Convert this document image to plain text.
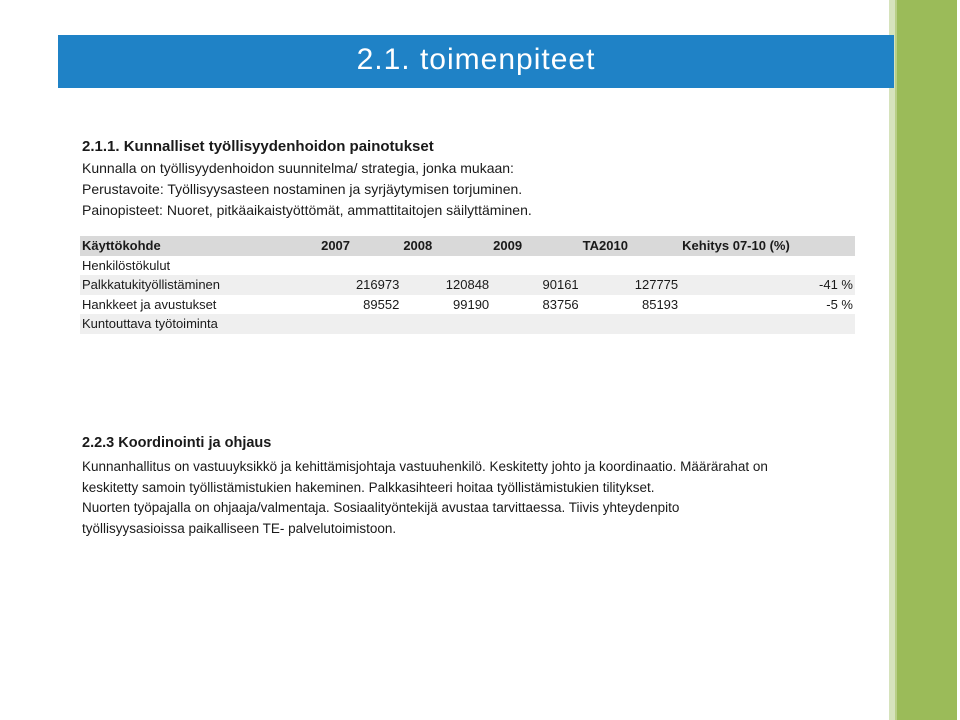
2.1. toimenpiteet
2.1.1. Kunnalliset työllisyydenhoidon painotukset

Kunnalla on työllisyydenhoidon suunnitelma/ strategia, jonka mukaan:

Perustavoite: Työllisyysasteen nostaminen ja syrjäytymisen torjuminen.

Painopisteet: Nuoret, pitkäaikaistyöttömät, ammattitaitojen säilyttäminen.

Käyttökohde	2007	2008	2009	TA2010	Kehitys 07-10 (%)
Henkilöstökulut					
Palkkatukityöllistäminen	216973	120848	90161	127775	-41 %
Hankkeet ja avustukset	89552	99190	83756	85193	-5 %
Kuntouttava työtoiminta					
2.2.3 Koordinointi ja ohjaus

Kunnanhallitus on vastuuyksikkö ja kehittämisjohtaja vastuuhenkilö. Keskitetty johto ja koordinaatio. Määrärahat on

keskitetty samoin työllistämistukien hakeminen. Palkkasihteeri hoitaa työllistämistukien tilitykset.

Nuorten työpajalla on ohjaaja/valmentaja. Sosiaalityöntekijä avustaa tarvittaessa. Tiivis yhteydenpito

työllisyysasioissa paikalliseen TE- palvelutoimistoon.
